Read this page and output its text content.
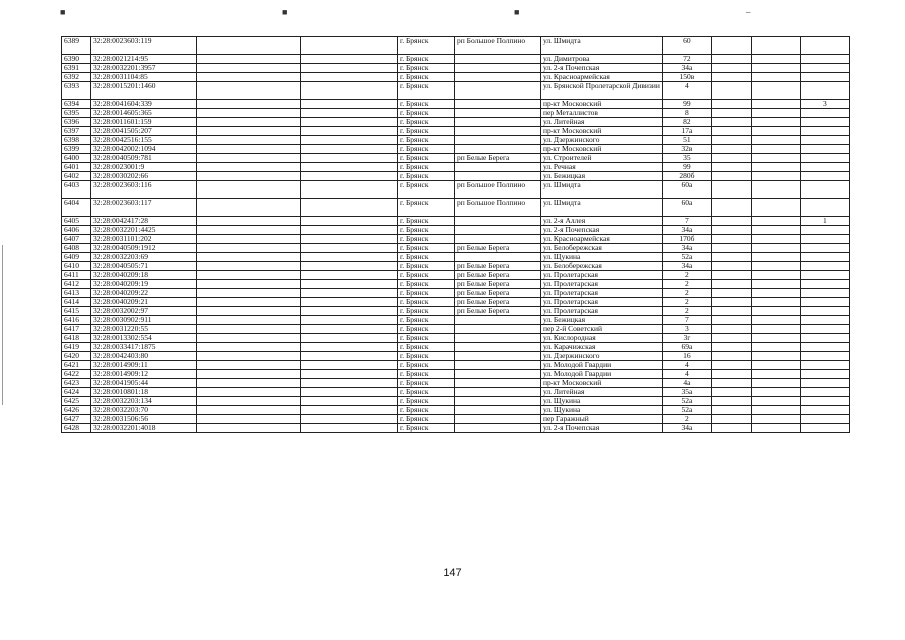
■	■	■	–
6389	32:28:0023603:119			г. Брянск	рп Большое Полпино	ул. Шмидта	60			
6390	32:28:0021214:95			г. Брянск		ул. Димитрова	72			
6391	32:28:0032201:3957			г. Брянск		ул. 2-я Почепская	34а			
6392	32:28:0031104:85			г. Брянск		ул. Красноармейская	150в			
6393	32:28:0015201:1460			г. Брянск		ул. Брянской Пролетарской Дивизии	4			
6394	32:28:0041604:339			г. Брянск		пр-кт Московский	99			3
6395	32:28:0014605:365			г. Брянск		пер Металлистов	8			
6396	32:28:0011601:159			г. Брянск		ул. Литейная	82			
6397	32:28:0041505:207			г. Брянск		пр-кт Московский	17а			
6398	32:28:0042516:155			г. Брянск		ул. Дзержинского	51			
6399	32:28:0042002:1094			г. Брянск		пр-кт Московский	32в			
6400	32:28:0040509:781			г. Брянск	рп Белые Берега	ул. Строителей	35			
6401	32:28:0023001:9			г. Брянск		ул. Речная	99			
6402	32:28:0030202:66			г. Брянск		ул. Бежицкая	280б			
6403	32:28:0023603:116			г. Брянск	рп Большое Полпино	ул. Шмидта	60а			
6404	32:28:0023603:117			г. Брянск	рп Большое Полпино	ул. Шмидта	60а			
6405	32:28:0042417:28			г. Брянск		ул. 2-я Аллея	7			1
6406	32:28:0032201:4425			г. Брянск		ул. 2-я Почепская	34а			
6407	32:28:0031101:202			г. Брянск		ул. Красноармейская	170б			
6408	32:28:0040509:1912			г. Брянск	рп Белые Берега	ул. Белобережская	34а			
6409	32:28:0032203:69			г. Брянск		ул. Щукина	52а			
6410	32:28:0040505:71			г. Брянск	рп Белые Берега	ул. Белобережская	34а			
6411	32:28:0040209:18			г. Брянск	рп Белые Берега	ул. Пролетарская	2			
6412	32:28:0040209:19			г. Брянск	рп Белые Берега	ул. Пролетарская	2			
6413	32:28:0040209:22			г. Брянск	рп Белые Берега	ул. Пролетарская	2			
6414	32:28:0040209:21			г. Брянск	рп Белые Берега	ул. Пролетарская	2			
6415	32:28:0032002:97			г. Брянск	рп Белые Берега	ул. Пролетарская	2			
6416	32:28:0030902:911			г. Брянск		ул. Бежицкая	7			
6417	32:28:0031220:55			г. Брянск		пер 2-й Советский	3			
6418	32:28:0013302:554			г. Брянск		ул. Кислородная	3г			
6419	32:28:0033417:1875			г. Брянск		ул. Карачижская	69а			
6420	32:28:0042403:80			г. Брянск		ул. Дзержинского	16			
6421	32:28:0014909:11			г. Брянск		ул. Молодой Гвардии	4			
6422	32:28:0014909:12			г. Брянск		ул. Молодой Гвардии	4			
6423	32:28:0041905:44			г. Брянск		пр-кт Московский	4а			
6424	32:28:0010801:18			г. Брянск		ул. Литейная	35а			
6425	32:28:0032203:134			г. Брянск		ул. Щукина	52а			
6426	32:28:0032203:70			г. Брянск		ул. Щукина	52а			
6427	32:28:0031506:56			г. Брянск		пер Гаражный	2			
6428	32:28:0032201:4018			г. Брянск		ул. 2-я Почепская	34а			
147
